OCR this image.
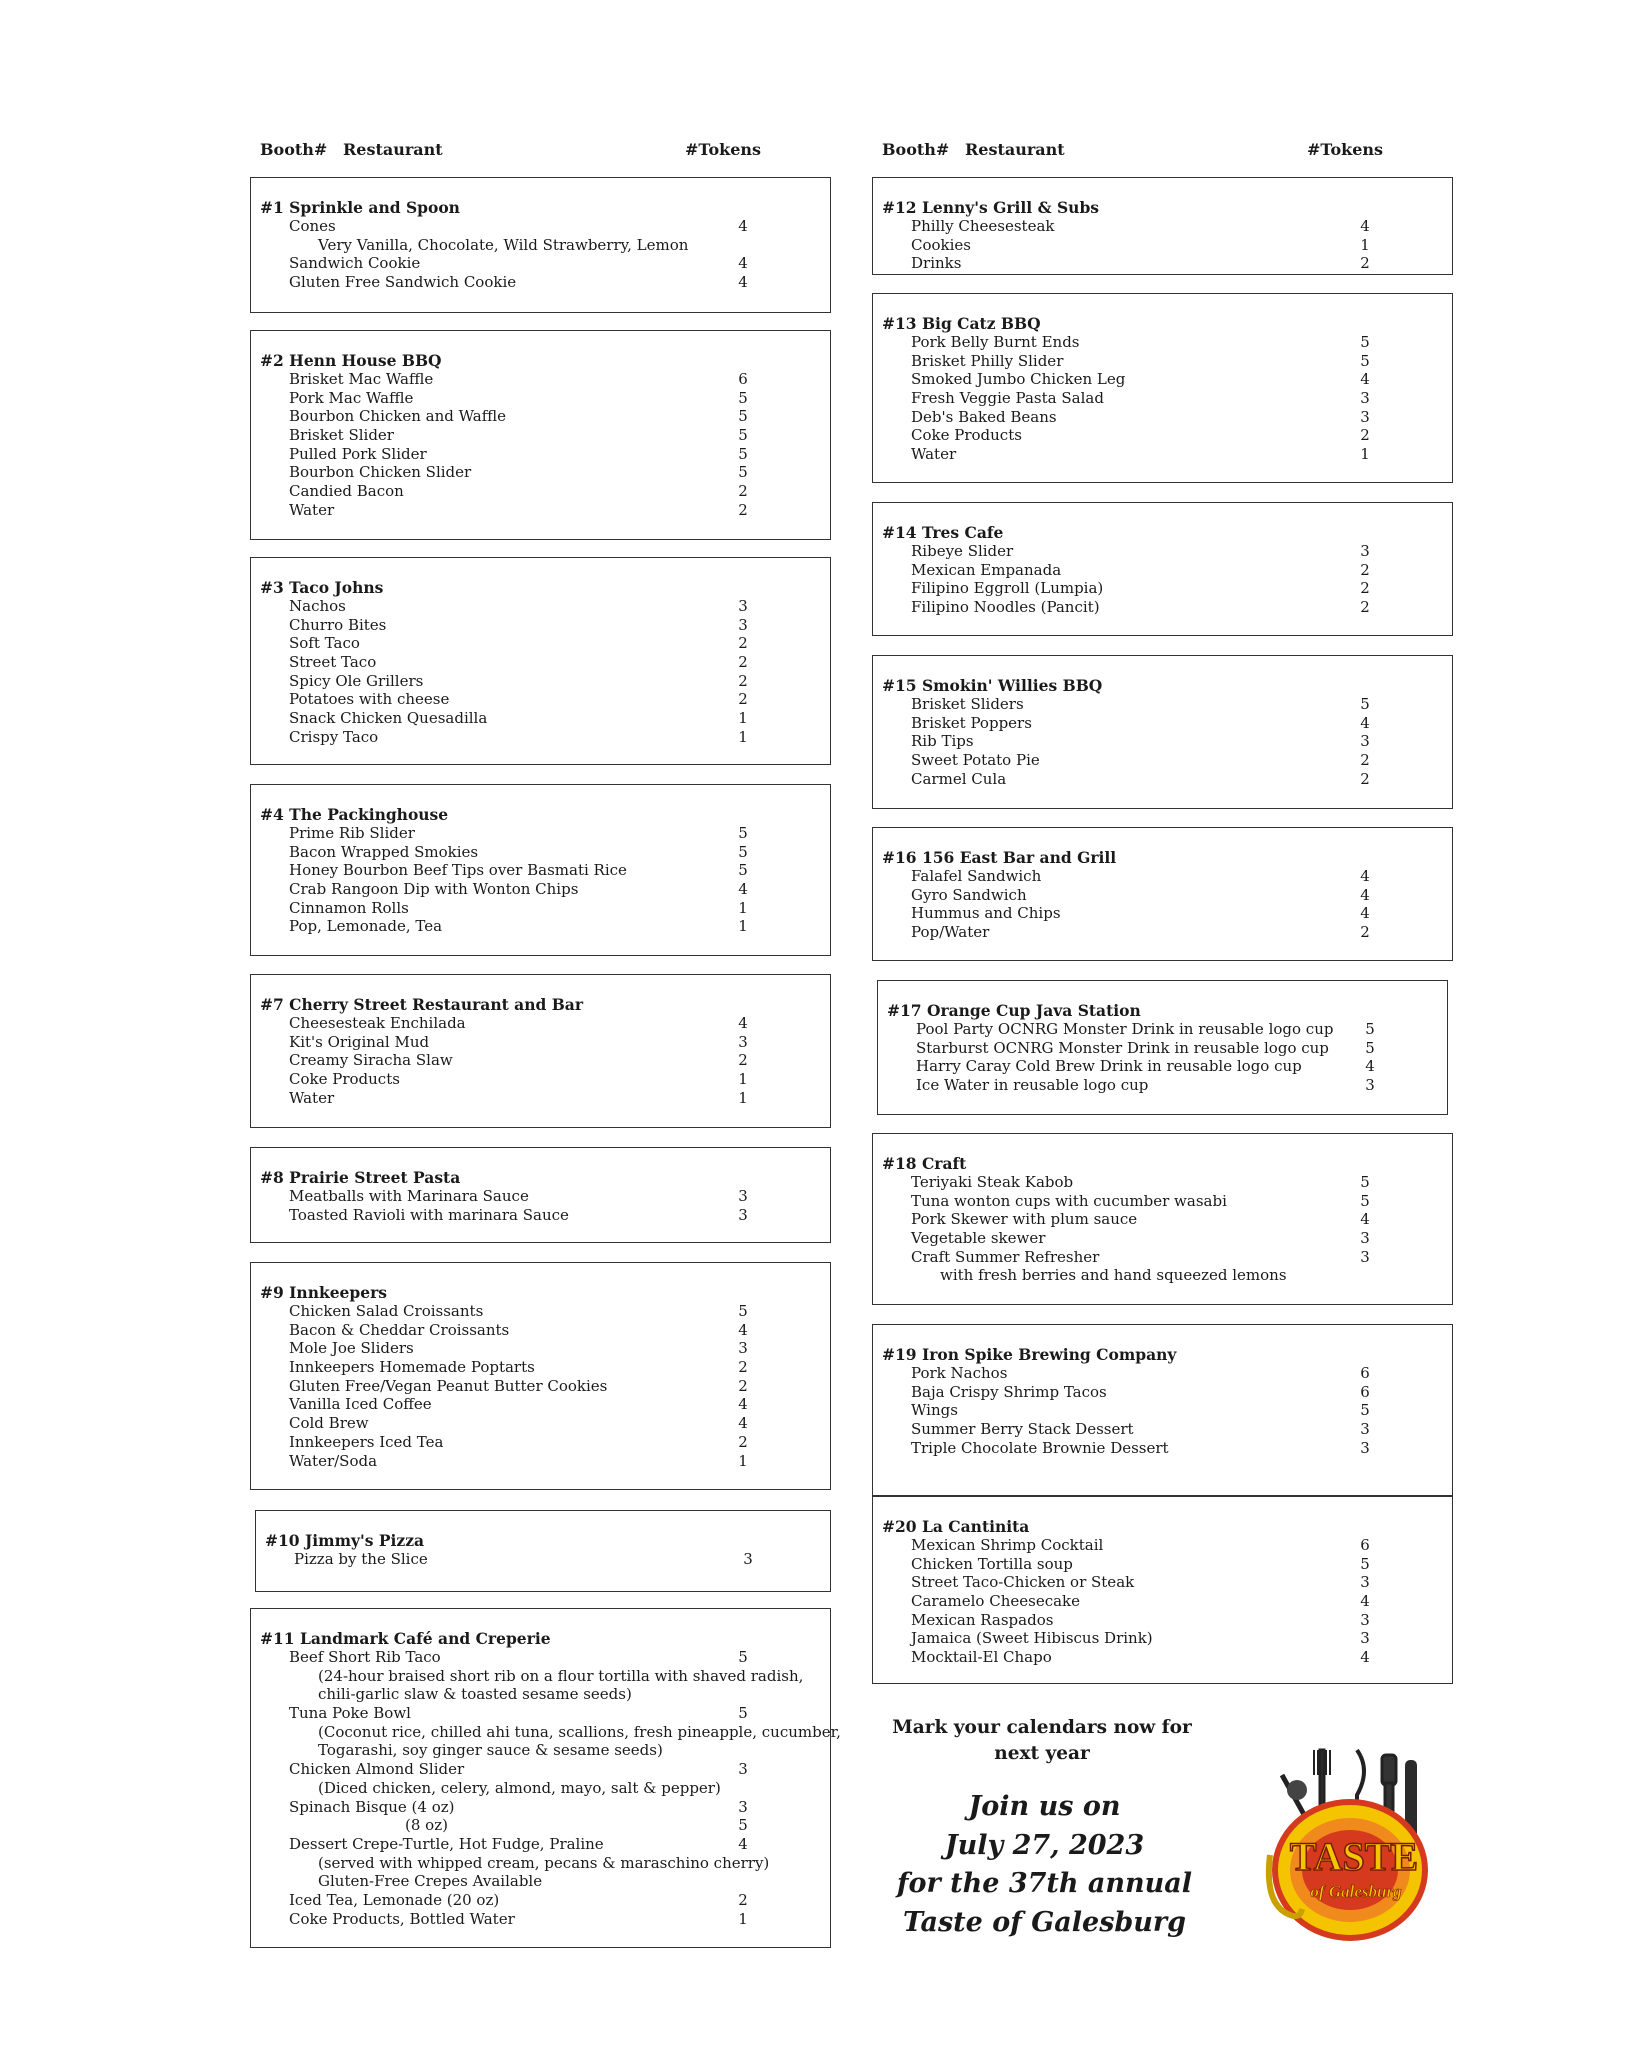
Booth# Restaurant	#Tokens
#1 Sprinkle and Spoon
Cones	4
Very Vanilla, Chocolate, Wild Strawberry, Lemon
Sandwich Cookie	4
Gluten Free Sandwich Cookie	4
#2 Henn House BBQ
Brisket Mac Waffle	6
Pork Mac Waffle	5
Bourbon Chicken and Waffle	5
Brisket Slider	5
Pulled Pork Slider	5
Bourbon Chicken Slider	5
Candied Bacon	2
Water	2
#3 Taco Johns
Nachos	3
Churro Bites	3
Soft Taco	2
Street Taco	2
Spicy Ole Grillers	2
Potatoes with cheese	2
Snack Chicken Quesadilla	1
Crispy Taco	1
#4 The Packinghouse
Prime Rib Slider	5
Bacon Wrapped Smokies	5
Honey Bourbon Beef Tips over Basmati Rice	5
Crab Rangoon Dip with Wonton Chips	4
Cinnamon Rolls	1
Pop, Lemonade, Tea	1
#7 Cherry Street Restaurant and Bar
Cheesesteak Enchilada	4
Kit's Original Mud	3
Creamy Siracha Slaw	2
Coke Products	1
Water	1
#8 Prairie Street Pasta
Meatballs with Marinara Sauce	3
Toasted Ravioli with marinara Sauce	3
#9 Innkeepers
Chicken Salad Croissants	5
Bacon & Cheddar Croissants	4
Mole Joe Sliders	3
Innkeepers Homemade Poptarts	2
Gluten Free/Vegan Peanut Butter Cookies	2
Vanilla Iced Coffee	4
Cold Brew	4
Innkeepers Iced Tea	2
Water/Soda	1
#10 Jimmy's Pizza
Pizza by the Slice	3
#11 Landmark Café and Creperie
Beef Short Rib Taco	5
(24-hour braised short rib on a flour tortilla with shaved radish,
chili-garlic slaw & toasted sesame seeds)
Tuna Poke Bowl	5
(Coconut rice, chilled ahi tuna, scallions, fresh pineapple, cucumber,
Togarashi, soy ginger sauce & sesame seeds)
Chicken Almond Slider	3
(Diced chicken, celery, almond, mayo, salt & pepper)
Spinach Bisque (4 oz)	3
(8 oz)	5
Dessert Crepe-Turtle, Hot Fudge, Praline	4
(served with whipped cream, pecans & maraschino cherry)
Gluten-Free Crepes Available
Iced Tea, Lemonade (20 oz)	2
Coke Products, Bottled Water	1
Booth# Restaurant	#Tokens
#12 Lenny's Grill & Subs
Philly Cheesesteak	4
Cookies	1
Drinks	2
#13 Big Catz BBQ
Pork Belly Burnt Ends	5
Brisket Philly Slider	5
Smoked Jumbo Chicken Leg	4
Fresh Veggie Pasta Salad	3
Deb's Baked Beans	3
Coke Products	2
Water	1
#14 Tres Cafe
Ribeye Slider	3
Mexican Empanada	2
Filipino Eggroll (Lumpia)	2
Filipino Noodles (Pancit)	2
#15 Smokin' Willies BBQ
Brisket Sliders	5
Brisket Poppers	4
Rib Tips	3
Sweet Potato Pie	2
Carmel Cula	2
#16 156 East Bar and Grill
Falafel Sandwich	4
Gyro Sandwich	4
Hummus and Chips	4
Pop/Water	2
#17 Orange Cup Java Station
Pool Party OCNRG Monster Drink in reusable logo cup 5
Starburst OCNRG Monster Drink in reusable logo cup 5
Harry Caray Cold Brew Drink in reusable logo cup	4
Ice Water in reusable logo cup	3
#18 Craft
Teriyaki Steak Kabob	5
Tuna wonton cups with cucumber wasabi	5
Pork Skewer with plum sauce	4
Vegetable skewer	3
Craft Summer Refresher	3
with fresh berries and hand squeezed lemons
#19 Iron Spike Brewing Company
Pork Nachos	6
Baja Crispy Shrimp Tacos	6
Wings	5
Summer Berry Stack Dessert	3
Triple Chocolate Brownie Dessert	3
#20 La Cantinita
Mexican Shrimp Cocktail	6
Chicken Tortilla soup	5
Street Taco-Chicken or Steak	3
Caramelo Cheesecake	4
Mexican Raspados	3
Jamaica (Sweet Hibiscus Drink)	3
Mocktail-El Chapo	4
Mark your calendars now for
next year
Join us on
July 27, 2023
for the 37th annual
Taste of Galesburg
TASTE
of Galesburg
